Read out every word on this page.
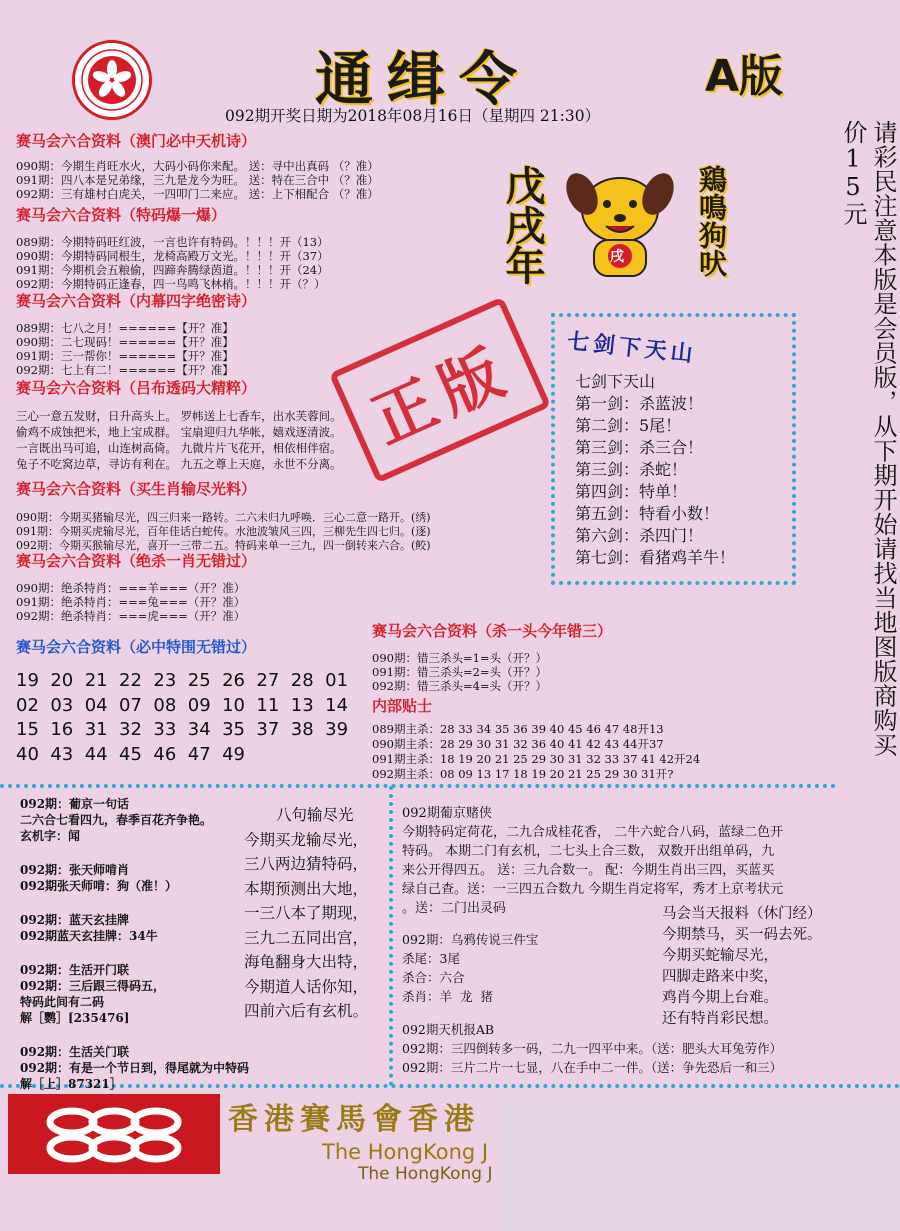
通缉令	A版
092期开奖日期为2018年08月16日（星期四 21:30）
戊戌年	戌	鶏鳴狗吠	请彩民注意本版是会员版，从下期开始请找当地图版商购买价15元
赛马会六合资料（澳门必中天机诗）
090期：今期生肖旺水火，大码小码你来配。 送：寻中出真码 （？准）
091期：四八本是兄弟缘，三九是龙今为旺。 送：特在三合中 （？准）
092期：三有雄村白虎关，一四叩门二来应。 送：上下相配合 （？准）
赛马会六合资料（特码爆一爆）
089期：今期特码旺红波，一言也许有特码。！！！开（13）
090期：今期特码同根生，龙椅高殿万文光。！！！开（37）
091期：今期机会五粮偷，四蹄奔腾绿茵道。！！！开（24）
092期：今期特码正逢春，四一鸟鸣飞林梢。！！！开（？）
赛马会六合资料（内幕四字绝密诗）
089期：七八之月！======【开？准】
090期：二七现码！======【开？准】
091期：三一帮你！======【开？准】
092期：七上有二！======【开？准】
赛马会六合资料（吕布透码大精粹）
三心一意五发财，日升高头上。 罗帏送上七香车，出水芙蓉间。
偷鸡不成蚀把米，地上宝成群。 宝扇迎归九华帐，嬉戏逐清波。
一言既出马可追，山连树高倚。 九微片片飞花开，相依相伴宿。
兔子不吃窝边草，寻访有利在。 九五之尊上天庭，永世不分离。
赛马会六合资料（买生肖输尽光料）
090期：今期买猪输尽光，四三归来一路转。二六未归九呼唤．三心二意一路开。(绣)
091期：今期买虎输尽光，百年佳话白蛇传。水池波皱风三四，三柳先生四七归。(逐)
092期：今期买猴输尽光，喜开一三带二五。特码来单一三九，四一倒转来六合。(鲛)
赛马会六合资料（绝杀一肖无错过）
090期：绝杀特肖：===羊===（开？准）
091期：绝杀特肖：===兔===（开？准）
092期：绝杀特肖：===虎===（开？准）
正版
赛马会六合资料（必中特围无错过）
19  20  21  22  23  25  26  27  28  01
02  03  04  07  08  09  10  11  13  14
15  16  31  32  33  34  35  37  38  39
40  43  44  45  46  47  49
七剑下天山
七剑下天山
第一剑：杀蓝波！
第二剑：5尾！
第三剑：杀三合！
第三剑：杀蛇！
第四剑：特单！
第五剑：特看小数！
第六剑：杀四门！
第七剑：看猪鸡羊牛！
赛马会六合资料（杀一头今年错三）
090期：错三杀头=1=头（开？）
091期：错三杀头=2=头（开？）
092期：错三杀头=4=头（开？）
内部贴士
089期主杀：28 33 34 35 36 39 40 45 46 47 48开13
090期主杀：28 29 30 31 32 36 40 41 42 43 44开37
091期主杀：18 19 20 21 25 29 30 31 32 33 37 41 42开24
092期主杀：08 09 13 17 18 19 20 21 25 29 30 31开?
092期：葡京一句话
二六合七看四九，春季百花齐争艳。
玄机字：闻
092期：张天师啃肖
092期张天师啃：狗（准！）
092期：蓝天玄挂牌
092期蓝天玄挂牌：34牛
092期：生活开门联
092期：三后跟三得码五，
特码此间有二码
解［鹦］[235476]
092期：生活关门联
092期：有是一个节日到，得尾就为中特码
解［上］87321］
八句输尽光
今期买龙输尽光，
三八两边猜特码，
本期预测出大地，
一三八本了期现，
三九二五同出宫，
海龟翻身大出特，
今期道人话你知，
四前六后有玄机。
092期葡京赌侠
今期特码定荷花，二九合成桂花香， 二牛六蛇合八码，蓝绿二色开
特码。 本期二门有玄机，二七头上合三数， 双数开出组单码，九
来公开得四五。 送：三九合数一。 配：今期生肖出三四，买蓝买
绿自己查。送：一三四五合数九 今期生肖定将军，秀才上京考状元
。送：二门出灵码
092期：乌鸦传说三件宝
杀尾：3尾
杀合：六合
杀肖：羊  龙  猪
马会当天报料（休门经）
今期禁马，买一码去死。
今期买蛇输尽光，
四脚走路来中奖，
鸡肖今期上台难。
还有特肖彩民想。
092期天机报AB
092期：三四倒转多一码，二九一四平中来。（送：肥头大耳兔劳作）
092期：三片二片一七显，八在手中二一伴。（送：争先恐后一和三）
香港賽馬會香港
The HongKong J
The HongKong J
